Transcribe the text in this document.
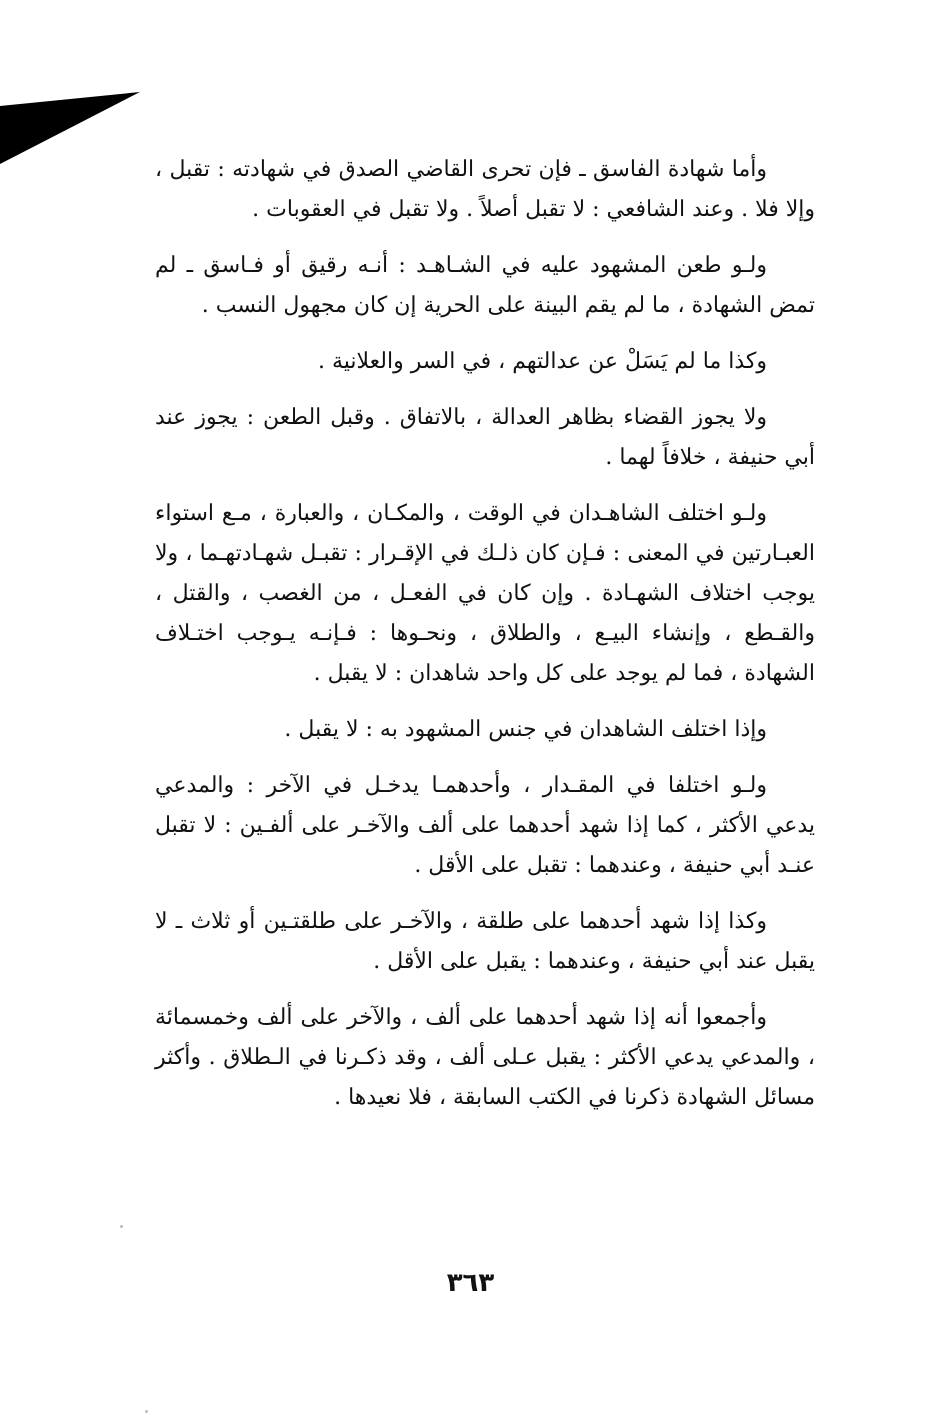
وأما شهادة الفاسق ـ فإن تحرى القاضي الصدق في شهادته : تقبل ، وإلا فلا . وعند الشافعي : لا تقبل أصلاً . ولا تقبل في العقوبات .

ولـو طعن المشهود عليه في الشـاهـد : أنـه رقيق أو فـاسق ـ لم تمض الشهادة ، ما لم يقم البينة على الحرية إن كان مجهول النسب .

وكذا ما لم يَسَلْ عن عدالتهم ، في السر والعلانية .

ولا يجوز القضاء بظاهر العدالة ، بالاتفاق . وقبل الطعن : يجوز عند أبي حنيفة ، خلافاً لهما .

ولـو اختلف الشاهـدان في الوقت ، والمكـان ، والعبارة ، مـع استواء العبـارتين في المعنى : فـإن كان ذلـك في الإقـرار : تقبـل شهـادتهـما ، ولا يوجب اختلاف الشهـادة . وإن كان في الفعـل ، من الغصب ، والقتل ، والقـطع ، وإنشاء البيـع ، والطلاق ، ونحـوها : فـإنـه يـوجب اختـلاف الشهادة ، فما لم يوجد على كل واحد شاهدان : لا يقبل .

وإذا اختلف الشاهدان في جنس المشهود به : لا يقبل .

ولـو اختلفا في المقـدار ، وأحدهمـا يدخـل في الآخر : والمدعي يدعي الأكثر ، كما إذا شهد أحدهما على ألف والآخـر على ألفـين : لا تقبل عنـد أبي حنيفة ، وعندهما : تقبل على الأقل .

وكذا إذا شهد أحدهما على طلقة ، والآخـر على طلقتـين أو ثلاث ـ لا يقبل عند أبي حنيفة ، وعندهما : يقبل على الأقل .

وأجمعوا أنه إذا شهد أحدهما على ألف ، والآخر على ألف وخمسمائة ، والمدعي يدعي الأكثر : يقبل عـلى ألف ، وقد ذكـرنا في الـطلاق . وأكثر مسائل الشهادة ذكرنا في الكتب السابقة ، فلا نعيدها .

٣٦٣
